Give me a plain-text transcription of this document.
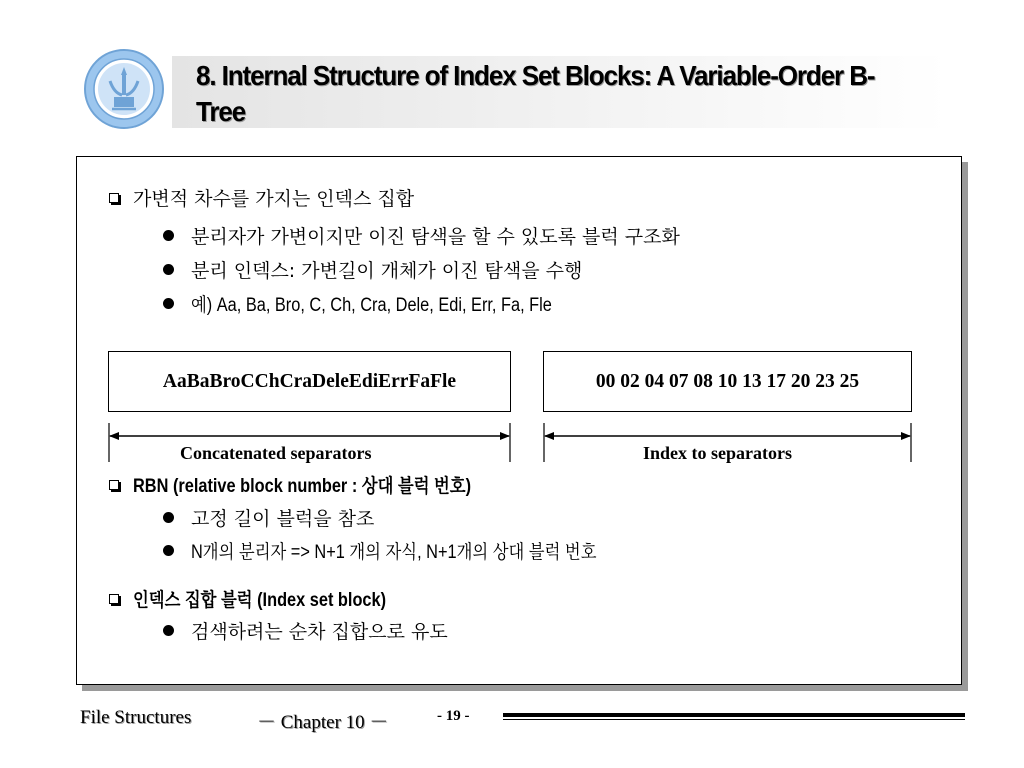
8. Internal Structure of Index Set Blocks: A Variable-Order B-Tree
가변적 차수를 가지는 인덱스 집합
분리자가 가변이지만 이진 탐색을 할 수 있도록 블럭 구조화
분리 인덱스: 가변길이 개체가 이진 탐색을 수행
예) Aa, Ba, Bro, C, Ch, Cra, Dele, Edi, Err, Fa, Fle
AaBaBroCChCraDeleEdiErrFaFle	00 02 04 07 08 10 13 17 20 23 25
Concatenated separators	Index to separators
RBN (relative block number : 상대 블럭 번호)
고정 길이 블럭을 참조
N개의 분리자 => N+1 개의 자식, N+1개의 상대 블럭 번호
인덱스 집합 블럭 (Index set block)
검색하려는 순차 집합으로 유도
File Structures	－ Chapter 10 －	- 19 -
